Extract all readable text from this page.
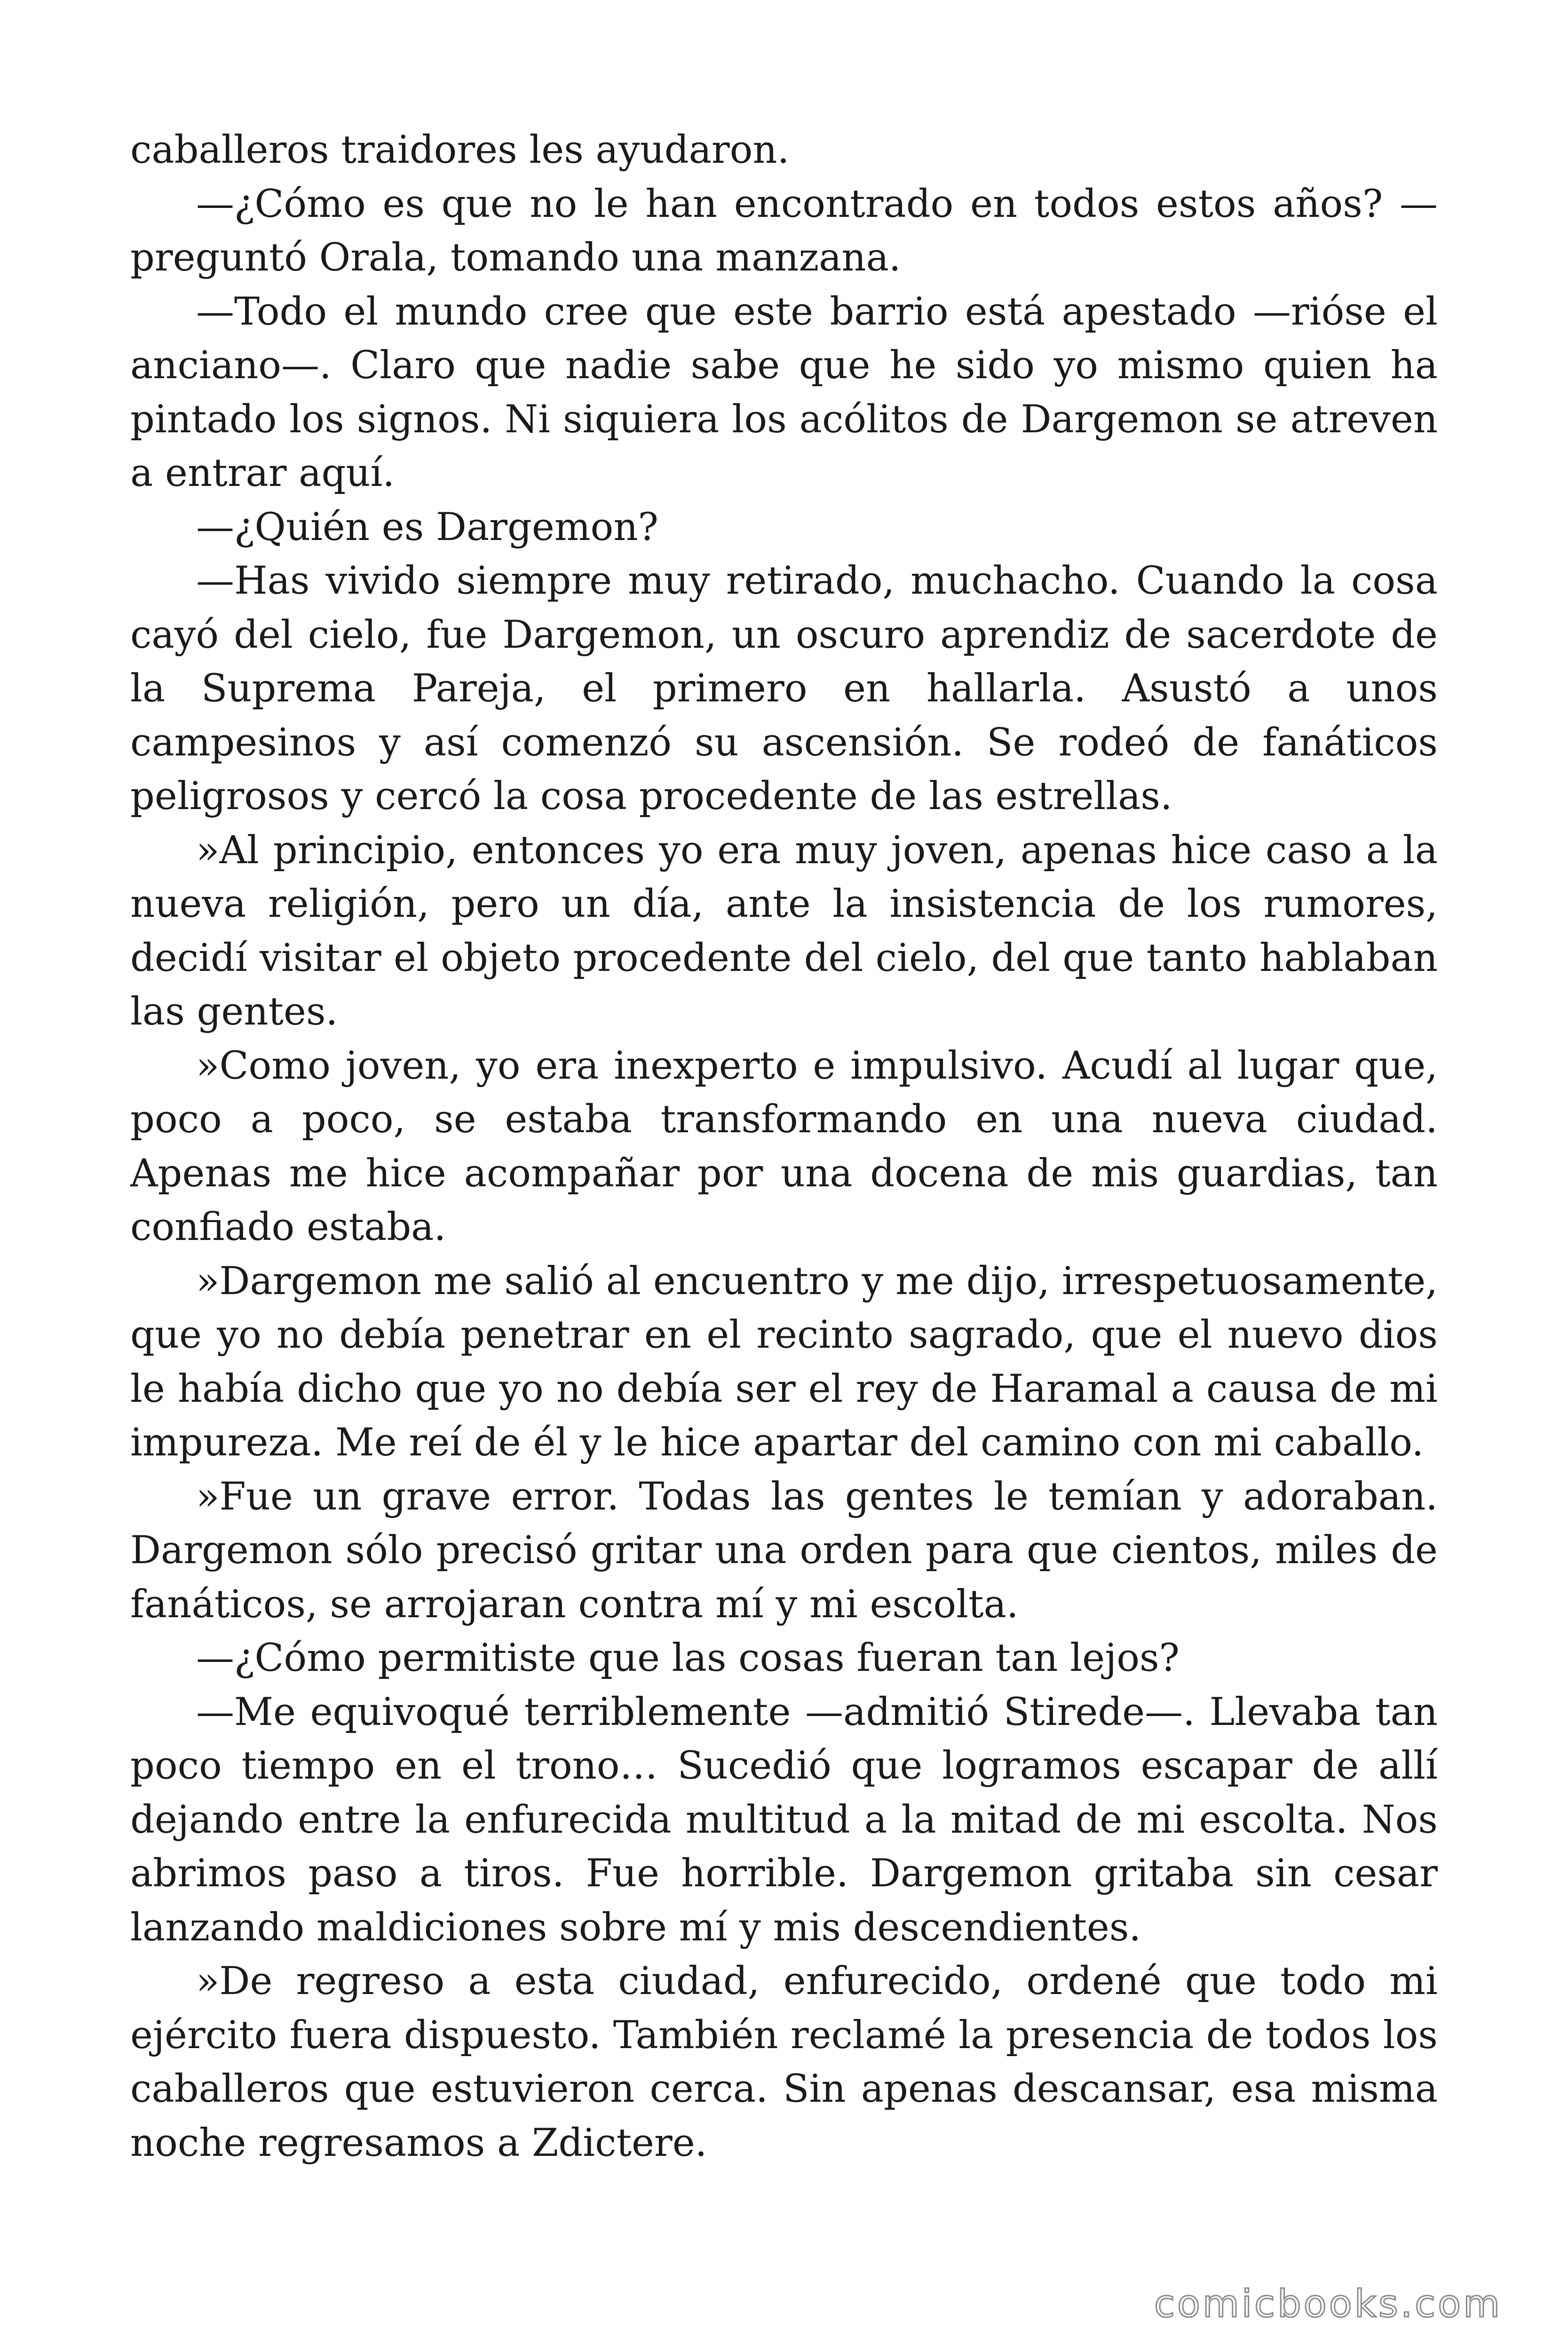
caballeros traidores les ayudaron.

—¿Cómo es que no le han encontrado en todos estos años? —preguntó Orala, tomando una manzana.

—Todo el mundo cree que este barrio está apestado —rióse el anciano—. Claro que nadie sabe que he sido yo mismo quien ha pintado los signos. Ni siquiera los acólitos de Dargemon se atreven a entrar aquí.

—¿Quién es Dargemon?

—Has vivido siempre muy retirado, muchacho. Cuando la cosa cayó del cielo, fue Dargemon, un oscuro aprendiz de sacerdote de la Suprema Pareja, el primero en hallarla. Asustó a unos campesinos y así comenzó su ascensión. Se rodeó de fanáticos peligrosos y cercó la cosa procedente de las estrellas.

»Al principio, entonces yo era muy joven, apenas hice caso a la nueva religión, pero un día, ante la insistencia de los rumores, decidí visitar el objeto procedente del cielo, del que tanto hablaban las gentes.

»Como joven, yo era inexperto e impulsivo. Acudí al lugar que, poco a poco, se estaba transformando en una nueva ciudad. Apenas me hice acompañar por una docena de mis guardias, tan confiado estaba.

»Dargemon me salió al encuentro y me dijo, irrespetuosamente, que yo no debía penetrar en el recinto sagrado, que el nuevo dios le había dicho que yo no debía ser el rey de Haramal a causa de mi impureza. Me reí de él y le hice apartar del camino con mi caballo.

»Fue un grave error. Todas las gentes le temían y adoraban. Dargemon sólo precisó gritar una orden para que cientos, miles de fanáticos, se arrojaran contra mí y mi escolta.

—¿Cómo permitiste que las cosas fueran tan lejos?

—Me equivoqué terriblemente —admitió Stirede—. Llevaba tan poco tiempo en el trono… Sucedió que logramos escapar de allí dejando entre la enfurecida multitud a la mitad de mi escolta. Nos abrimos paso a tiros. Fue horrible. Dargemon gritaba sin cesar lanzando maldiciones sobre mí y mis descendientes.

»De regreso a esta ciudad, enfurecido, ordené que todo mi ejército fuera dispuesto. También reclamé la presencia de todos los caballeros que estuvieron cerca. Sin apenas descansar, esa misma noche regresamos a Zdictere.

comicbooks.com
